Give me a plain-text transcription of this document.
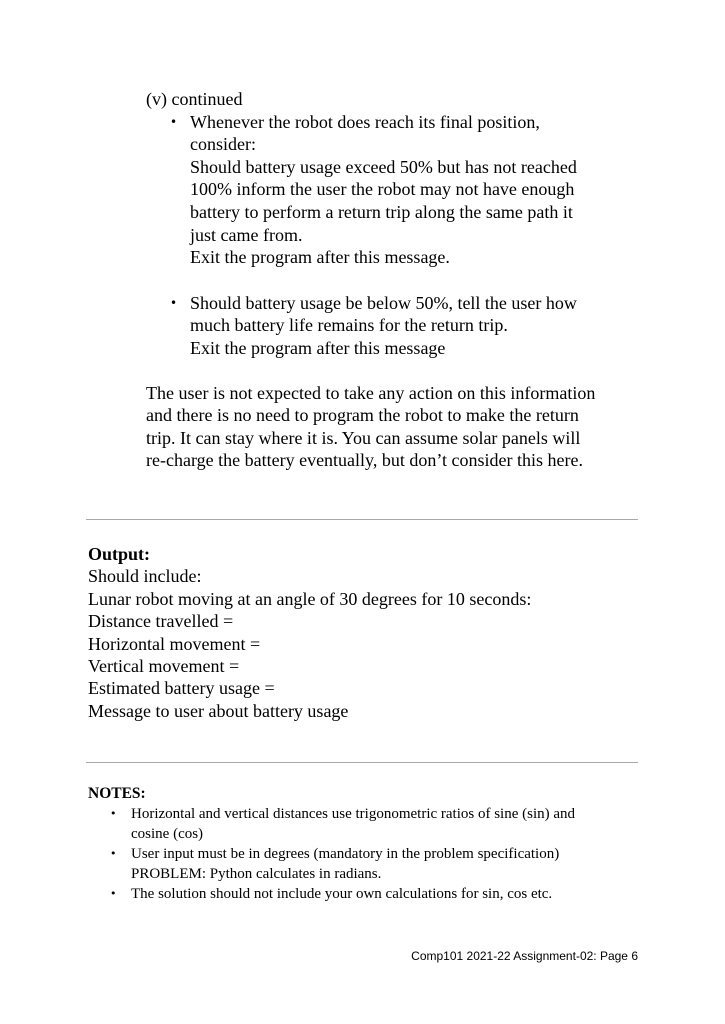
(v) continued

• Whenever the robot does reach its final position,
consider:
Should battery usage exceed 50% but has not reached
100% inform the user the robot may not have enough
battery to perform a return trip along the same path it
just came from.
Exit the program after this message.
• Should battery usage be below 50%, tell the user how
much battery life remains for the return trip.
Exit the program after this message
The user is not expected to take any action on this information
and there is no need to program the robot to make the return
trip. It can stay where it is. You can assume solar panels will
re-charge the battery eventually, but don’t consider this here.
Output:
Should include:
Lunar robot moving at an angle of 30 degrees for 10 seconds:
Distance travelled =
Horizontal movement =
Vertical movement =
Estimated battery usage =
Message to user about battery usage
NOTES:
• Horizontal and vertical distances use trigonometric ratios of sine (sin) and
cosine (cos)
• User input must be in degrees (mandatory in the problem specification)
PROBLEM: Python calculates in radians.
• The solution should not include your own calculations for sin, cos etc.
Comp101 2021-22 Assignment-02: Page 6
